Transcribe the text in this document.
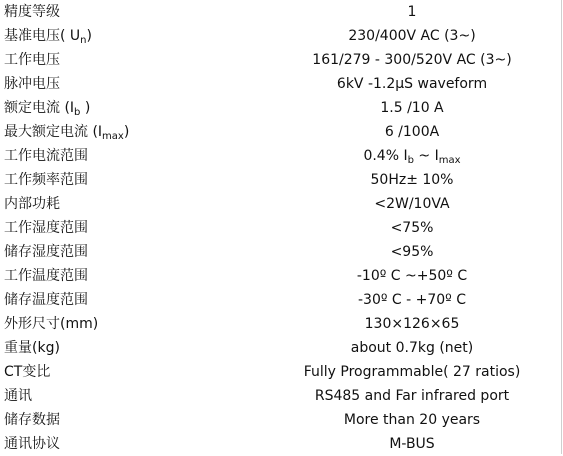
精度等级	1
基准电压( $U_n$)	230/400V AC (3~)
工作电压	161/279 - 300/520V AC (3~)
脉冲电压	6kV -1.2µS waveform
额定电流 ($I_b$ )	1.5 /10 A
最大额定电流 $(I_{max})$	6 /100A
工作电流范围	0.4% $I_b$ ~ $I_{max}$
工作频率范围	50Hz± 10%
内部功耗	<2W/10VA
工作湿度范围	<75%
储存湿度范围	<95%
工作温度范围	-10º C ~+50º C
储存温度范围	-30º C - +70º C
外形尺寸(mm)	130×126×65
重量(kg)	about 0.7kg (net)
CT变比	Fully Programmable( 27 ratios)
通讯	RS485 and Far infrared port
储存数据	More than 20 years
通讯协议	M-BUS
